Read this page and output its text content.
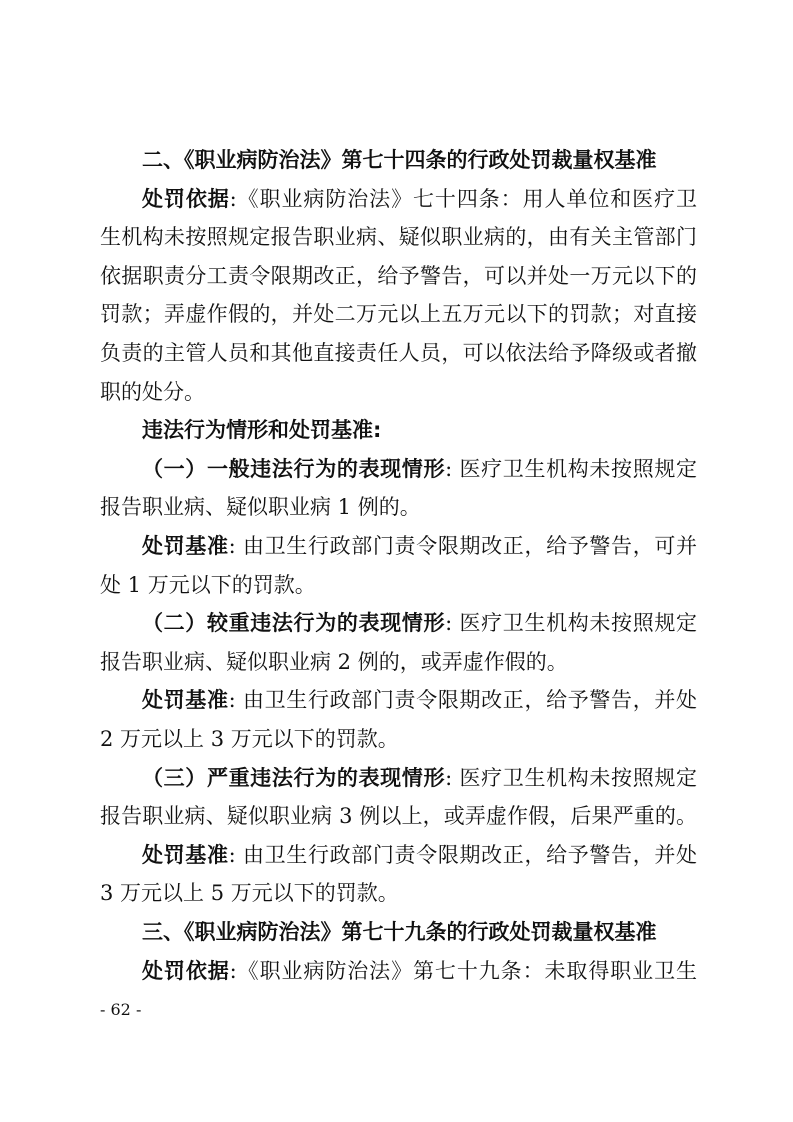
二、《职业病防治法》第七十四条的行政处罚裁量权基准
处罚依据:《职业病防治法》七十四条：用人单位和医疗卫
生机构未按照规定报告职业病、疑似职业病的，由有关主管部门
依据职责分工责令限期改正，给予警告，可以并处一万元以下的
罚款；弄虚作假的，并处二万元以上五万元以下的罚款；对直接
负责的主管人员和其他直接责任人员，可以依法给予降级或者撤
职的处分。
违法行为情形和处罚基准:
（一）一般违法行为的表现情形: 医疗卫生机构未按照规定
报告职业病、疑似职业病 1 例的。
处罚基准: 由卫生行政部门责令限期改正，给予警告，可并
处 1 万元以下的罚款。
（二）较重违法行为的表现情形: 医疗卫生机构未按照规定
报告职业病、疑似职业病 2 例的，或弄虚作假的。
处罚基准: 由卫生行政部门责令限期改正，给予警告，并处
2 万元以上 3 万元以下的罚款。
（三）严重违法行为的表现情形: 医疗卫生机构未按照规定
报告职业病、疑似职业病 3 例以上，或弄虚作假，后果严重的。
处罚基准: 由卫生行政部门责令限期改正，给予警告，并处
3 万元以上 5 万元以下的罚款。
三、《职业病防治法》第七十九条的行政处罚裁量权基准
处罚依据:《职业病防治法》第七十九条：未取得职业卫生
- 62 -
